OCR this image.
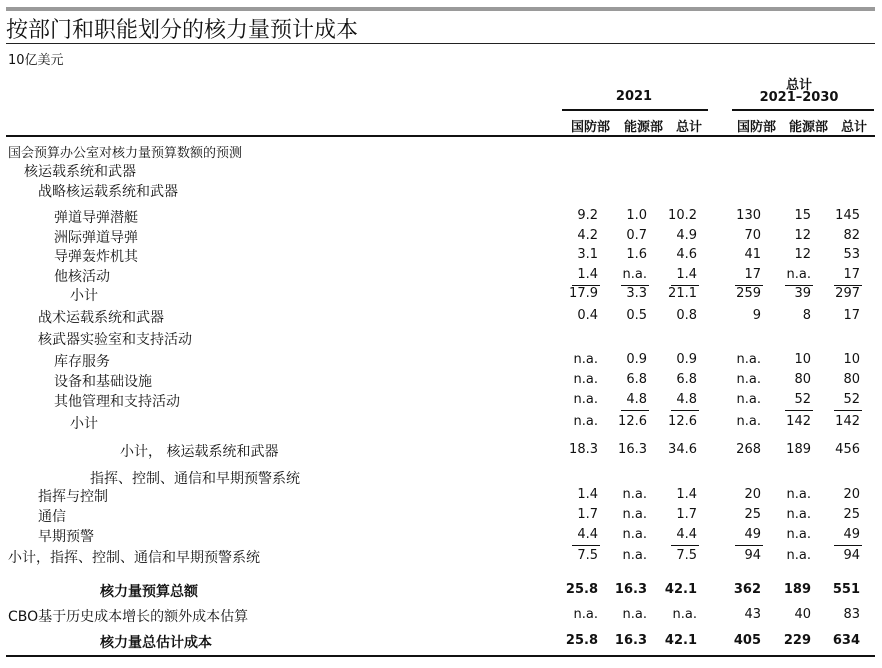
按部门和职能划分的核力量预计成本
10亿美元
2021
总计
2021–2030
国防部 能源部 总计	国防部 能源部 总计
国会预算办公室对核力量预算数额的预测
核运载系统和武器
战略核运载系统和武器
弹道导弹潜艇	9.2 1.0 10.2	130	15 145
洲际弹道导弹	4.2 0.7 4.9	70	12 82
导弹轰炸机其	3.1 1.6 4.6	41	12 53
他核活动	1.4 n.a. 1.4	17 n.a. 17
小计	17.9 3.3 21.1	259	39 297
战术运载系统和武器	0.4 0.5 0.8	9	8 17
核武器实验室和支持活动
库存服务	n.a. 0.9 0.9	n.a.	10 10
设备和基础设施	n.a. 6.8 6.8	n.a.	80 80
其他管理和支持活动	n.a. 4.8 4.8	n.a.	52 52
小计	n.a. 12.6 12.6	n.a. 142 142
小计， 核运载系统和武器	18.3 16.3 34.6	268 189 456
指挥、控制、通信和早期预警系统
指挥与控制	1.4 n.a. 1.4	20 n.a. 20
通信	1.7 n.a. 1.7	25 n.a. 25
早期预警	4.4 n.a. 4.4	49 n.a. 49
小计，指挥、控制、通信和早期预警系统	7.5 n.a. 7.5	94 n.a. 94
核力量预算总额	25.8 16.3 42.1	362 189 551
CBO基于历史成本增长的额外成本估算	n.a. n.a. n.a.	43	40 83
核力量总估计成本	25.8 16.3 42.1	405 229 634
